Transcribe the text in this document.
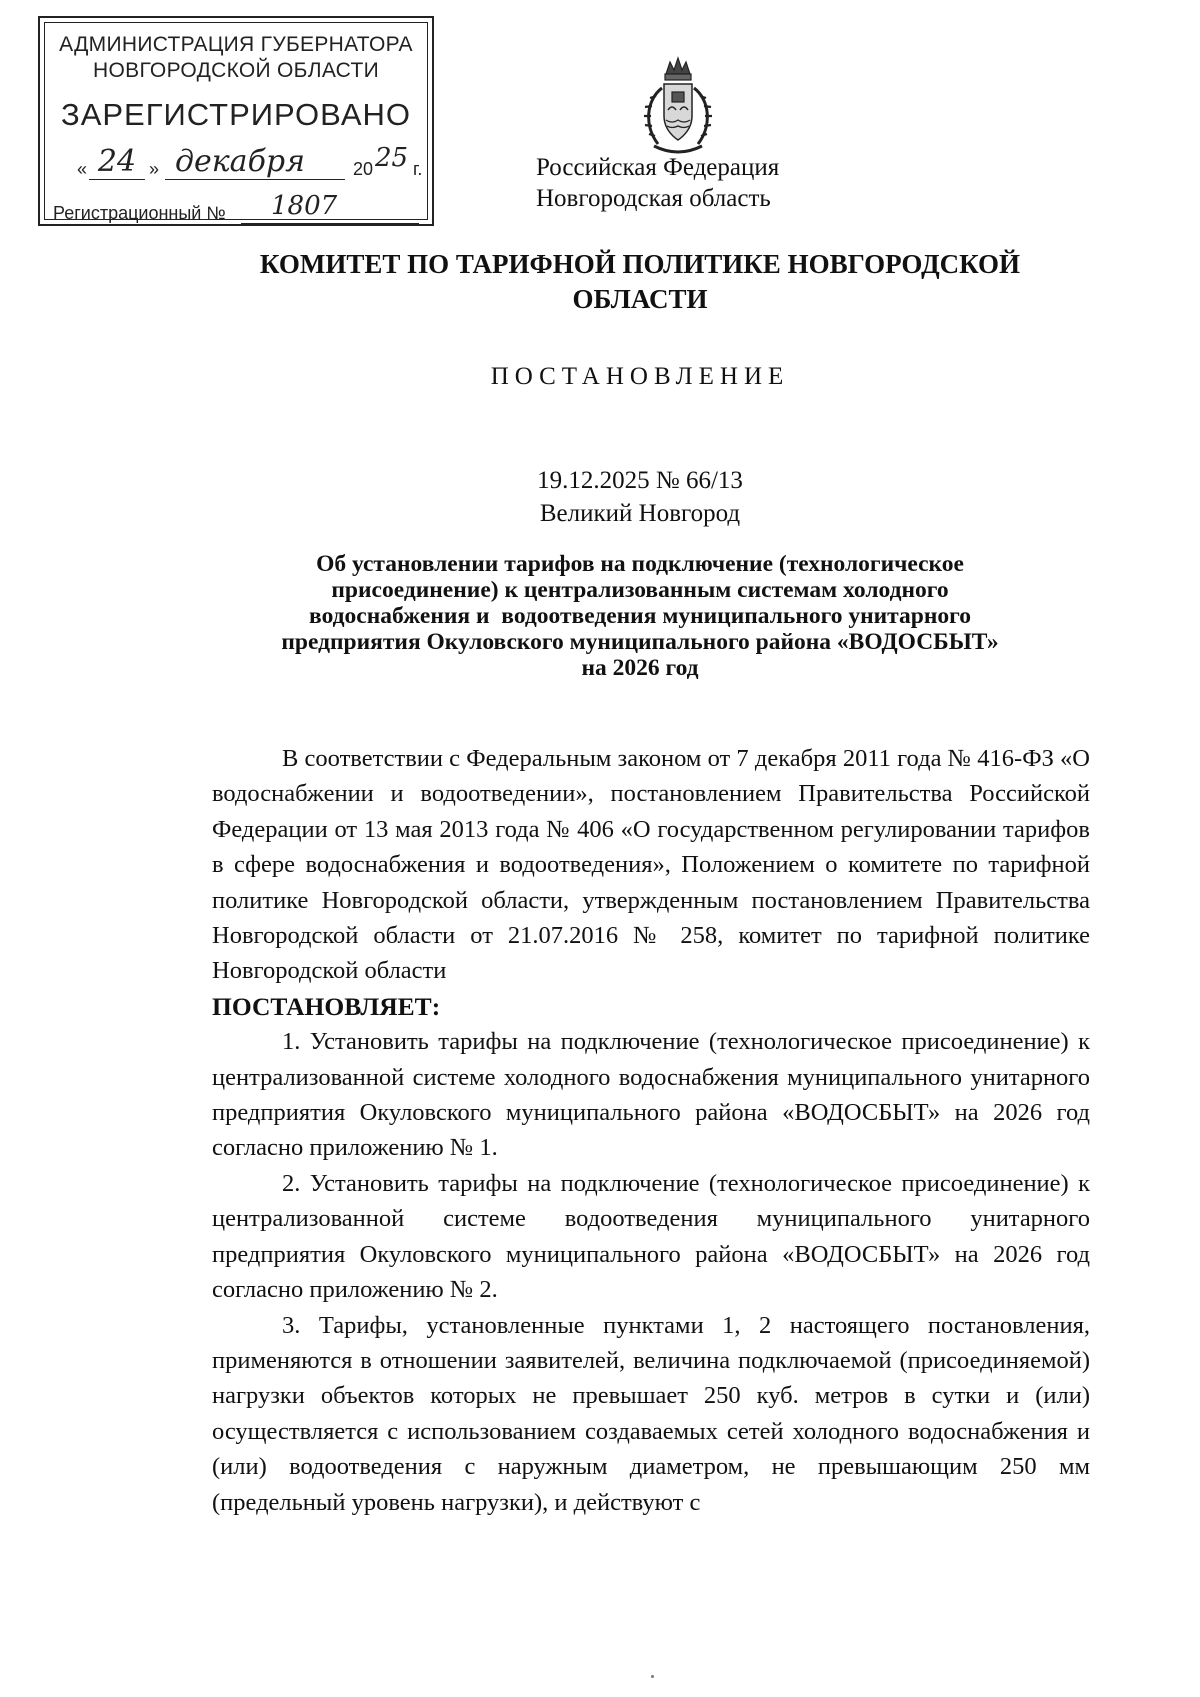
АДМИНИСТРАЦИЯ ГУБЕРНАТОРА
НОВГОРОДСКОЙ ОБЛАСТИ
ЗАРЕГИСТРИРОВАНО
« 24 » декабря	20 25 г.
Регистрационный №	1807
Российская Федерация
Новгородская область
КОМИТЕТ ПО ТАРИФНОЙ ПОЛИТИКЕ НОВГОРОДСКОЙ
ОБЛАСТИ
ПОСТАНОВЛЕНИЕ
19.12.2025 № 66/13
Великий Новгород
Об установлении тарифов на подключение (технологическое
присоединение) к централизованным системам холодного
водоснабжения и  водоотведения муниципального унитарного
предприятия Окуловского муниципального района «ВОДОСБЫТ»
на 2026 год

В соответствии с Федеральным законом от 7 декабря 2011 года № 416-ФЗ «О водоснабжении и водоотведении», постановлением Правительства Российской Федерации от 13 мая 2013 года № 406 «О государственном регулировании тарифов в сфере водоснабжения и водоотведения», Положением о комитете по тарифной политике Новгородской области, утвержденным постановлением Правительства Новгородской области от 21.07.2016 № 258, комитет по тарифной политике Новгородской области

ПОСТАНОВЛЯЕТ:

1. Установить тарифы на подключение (технологическое присоединение) к централизованной системе холодного водоснабжения муниципального унитарного предприятия Окуловского муниципального района «ВОДОСБЫТ» на 2026 год согласно приложению № 1.

2. Установить тарифы на подключение (технологическое присоединение) к централизованной системе водоотведения муниципального унитарного предприятия Окуловского муниципального района «ВОДОСБЫТ» на 2026 год согласно приложению № 2.

3. Тарифы, установленные пунктами 1, 2 настоящего постановления, применяются в отношении заявителей, величина подключаемой (присоединяемой) нагрузки объектов которых не превышает 250 куб. метров в сутки и (или) осуществляется с использованием создаваемых сетей холодного водоснабжения и (или) водоотведения с наружным диаметром, не превышающим 250 мм (предельный уровень нагрузки), и действуют с
